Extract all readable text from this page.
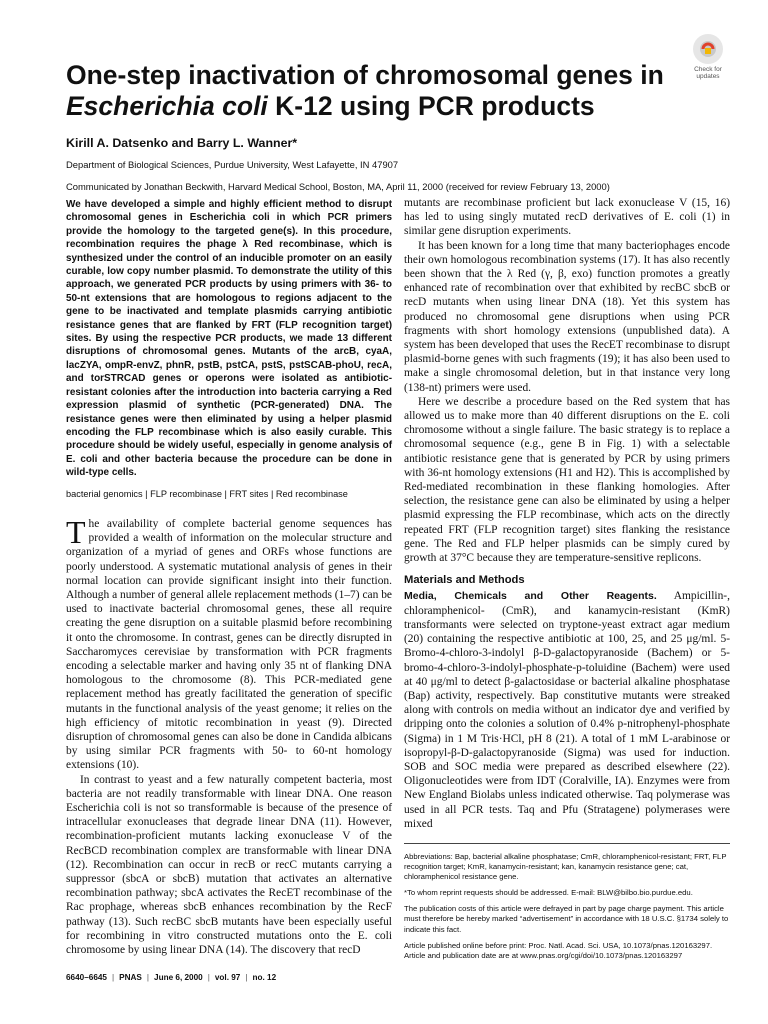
Check for
updates
One-step inactivation of chromosomal genes in
Escherichia coli K-12 using PCR products
Kirill A. Datsenko and Barry L. Wanner*
Department of Biological Sciences, Purdue University, West Lafayette, IN 47907
Communicated by Jonathan Beckwith, Harvard Medical School, Boston, MA, April 11, 2000 (received for review February 13, 2000)
We have developed a simple and highly efficient method to disrupt chromosomal genes in Escherichia coli in which PCR primers provide the homology to the targeted gene(s). In this procedure, recombination requires the phage λ Red recombinase, which is synthesized under the control of an inducible promoter on an easily curable, low copy number plasmid. To demonstrate the utility of this approach, we generated PCR products by using primers with 36- to 50-nt extensions that are homologous to regions adjacent to the gene to be inactivated and template plasmids carrying antibiotic resistance genes that are flanked by FRT (FLP recognition target) sites. By using the respective PCR products, we made 13 different disruptions of chromosomal genes. Mutants of the arcB, cyaA, lacZYA, ompR-envZ, phnR, pstB, pstCA, pstS, pstSCAB-phoU, recA, and torSTRCAD genes or operons were isolated as antibiotic-resistant colonies after the introduction into bacteria carrying a Red expression plasmid of synthetic (PCR-generated) DNA. The resistance genes were then eliminated by using a helper plasmid encoding the FLP recombinase which is also easily curable. This procedure should be widely useful, especially in genome analysis of E. coli and other bacteria because the procedure can be done in wild-type cells.
bacterial genomics | FLP recombinase | FRT sites | Red recombinase

The availability of complete bacterial genome sequences has provided a wealth of information on the molecular structure and organization of a myriad of genes and ORFs whose functions are poorly understood. A systematic mutational analysis of genes in their normal location can provide significant insight into their function. Although a number of general allele replacement methods (1–7) can be used to inactivate bacterial chromosomal genes, these all require creating the gene disruption on a suitable plasmid before recombining it onto the chromosome. In contrast, genes can be directly disrupted in Saccharomyces cerevisiae by transformation with PCR fragments encoding a selectable marker and having only 35 nt of flanking DNA homologous to the chromosome (8). This PCR-mediated gene replacement method has greatly facilitated the generation of specific mutants in the functional analysis of the yeast genome; it relies on the high efficiency of mitotic recombination in yeast (9). Directed disruption of chromosomal genes can also be done in Candida albicans by using similar PCR fragments with 50- to 60-nt homology extensions (10).

In contrast to yeast and a few naturally competent bacteria, most bacteria are not readily transformable with linear DNA. One reason Escherichia coli is not so transformable is because of the presence of intracellular exonucleases that degrade linear DNA (11). However, recombination-proficient mutants lacking exonuclease V of the RecBCD recombination complex are transformable with linear DNA (12). Recombination can occur in recB or recC mutants carrying a suppressor (sbcA or sbcB) mutation that activates an alternative recombination pathway; sbcA activates the RecET recombinase of the Rac prophage, whereas sbcB enhances recombination by the RecF pathway (13). Such recBC sbcB mutants have been especially useful for recombining in vitro constructed mutations onto the E. coli chromosome by using linear DNA (14). The discovery that recD

mutants are recombinase proficient but lack exonuclease V (15, 16) has led to using singly mutated recD derivatives of E. coli (1) in similar gene disruption experiments.

It has been known for a long time that many bacteriophages encode their own homologous recombination systems (17). It has also recently been shown that the λ Red (γ, β, exo) function promotes a greatly enhanced rate of recombination over that exhibited by recBC sbcB or recD mutants when using linear DNA (18). Yet this system has produced no chromosomal gene disruptions when using PCR fragments with short homology extensions (unpublished data). A system has been developed that uses the RecET recombinase to disrupt plasmid-borne genes with such fragments (19); it has also been used to make a single chromosomal deletion, but in that instance very long (138-nt) primers were used.

Here we describe a procedure based on the Red system that has allowed us to make more than 40 different disruptions on the E. coli chromosome without a single failure. The basic strategy is to replace a chromosomal sequence (e.g., gene B in Fig. 1) with a selectable antibiotic resistance gene that is generated by PCR by using primers with 36-nt homology extensions (H1 and H2). This is accomplished by Red-mediated recombination in these flanking homologies. After selection, the resistance gene can also be eliminated by using a helper plasmid expressing the FLP recombinase, which acts on the directly repeated FRT (FLP recognition target) sites flanking the resistance gene. The Red and FLP helper plasmids can be simply cured by growth at 37°C because they are temperature-sensitive replicons.

Materials and Methods

Media, Chemicals and Other Reagents. Ampicillin-, chloramphenicol- (CmR), and kanamycin-resistant (KmR) transformants were selected on tryptone-yeast extract agar medium (20) containing the respective antibiotic at 100, 25, and 25 μg/ml. 5-Bromo-4-chloro-3-indolyl β-D-galactopyranoside (Bachem) or 5-bromo-4-chloro-3-indolyl-phosphate-p-toluidine (Bachem) were used at 40 μg/ml to detect β-galactosidase or bacterial alkaline phosphatase (Bap) activity, respectively. Bap constitutive mutants were streaked along with controls on media without an indicator dye and verified by dripping onto the colonies a solution of 0.4% p-nitrophenyl-phosphate (Sigma) in 1 M Tris·HCl, pH 8 (21). A total of 1 mM L-arabinose or isopropyl-β-D-galactopyranoside (Sigma) was used for induction. SOB and SOC media were prepared as described elsewhere (22). Oligonucleotides were from IDT (Coralville, IA). Enzymes were from New England Biolabs unless indicated otherwise. Taq polymerase was used in all PCR tests. Taq and Pfu (Stratagene) polymerases were mixed

Abbreviations: Bap, bacterial alkaline phosphatase; CmR, chloramphenicol-resistant; FRT, FLP recognition target; KmR, kanamycin-resistant; kan, kanamycin resistance gene; cat, chloramphenicol resistance gene.

*To whom reprint requests should be addressed. E-mail: BLW@bilbo.bio.purdue.edu.

The publication costs of this article were defrayed in part by page charge payment. This article must therefore be hereby marked “advertisement” in accordance with 18 U.S.C. §1734 solely to indicate this fact.

Article published online before print: Proc. Natl. Acad. Sci. USA, 10.1073/pnas.120163297. Article and publication date are at www.pnas.org/cgi/doi/10.1073/pnas.120163297

6640–6645 | PNAS | June 6, 2000 | vol. 97 | no. 12
